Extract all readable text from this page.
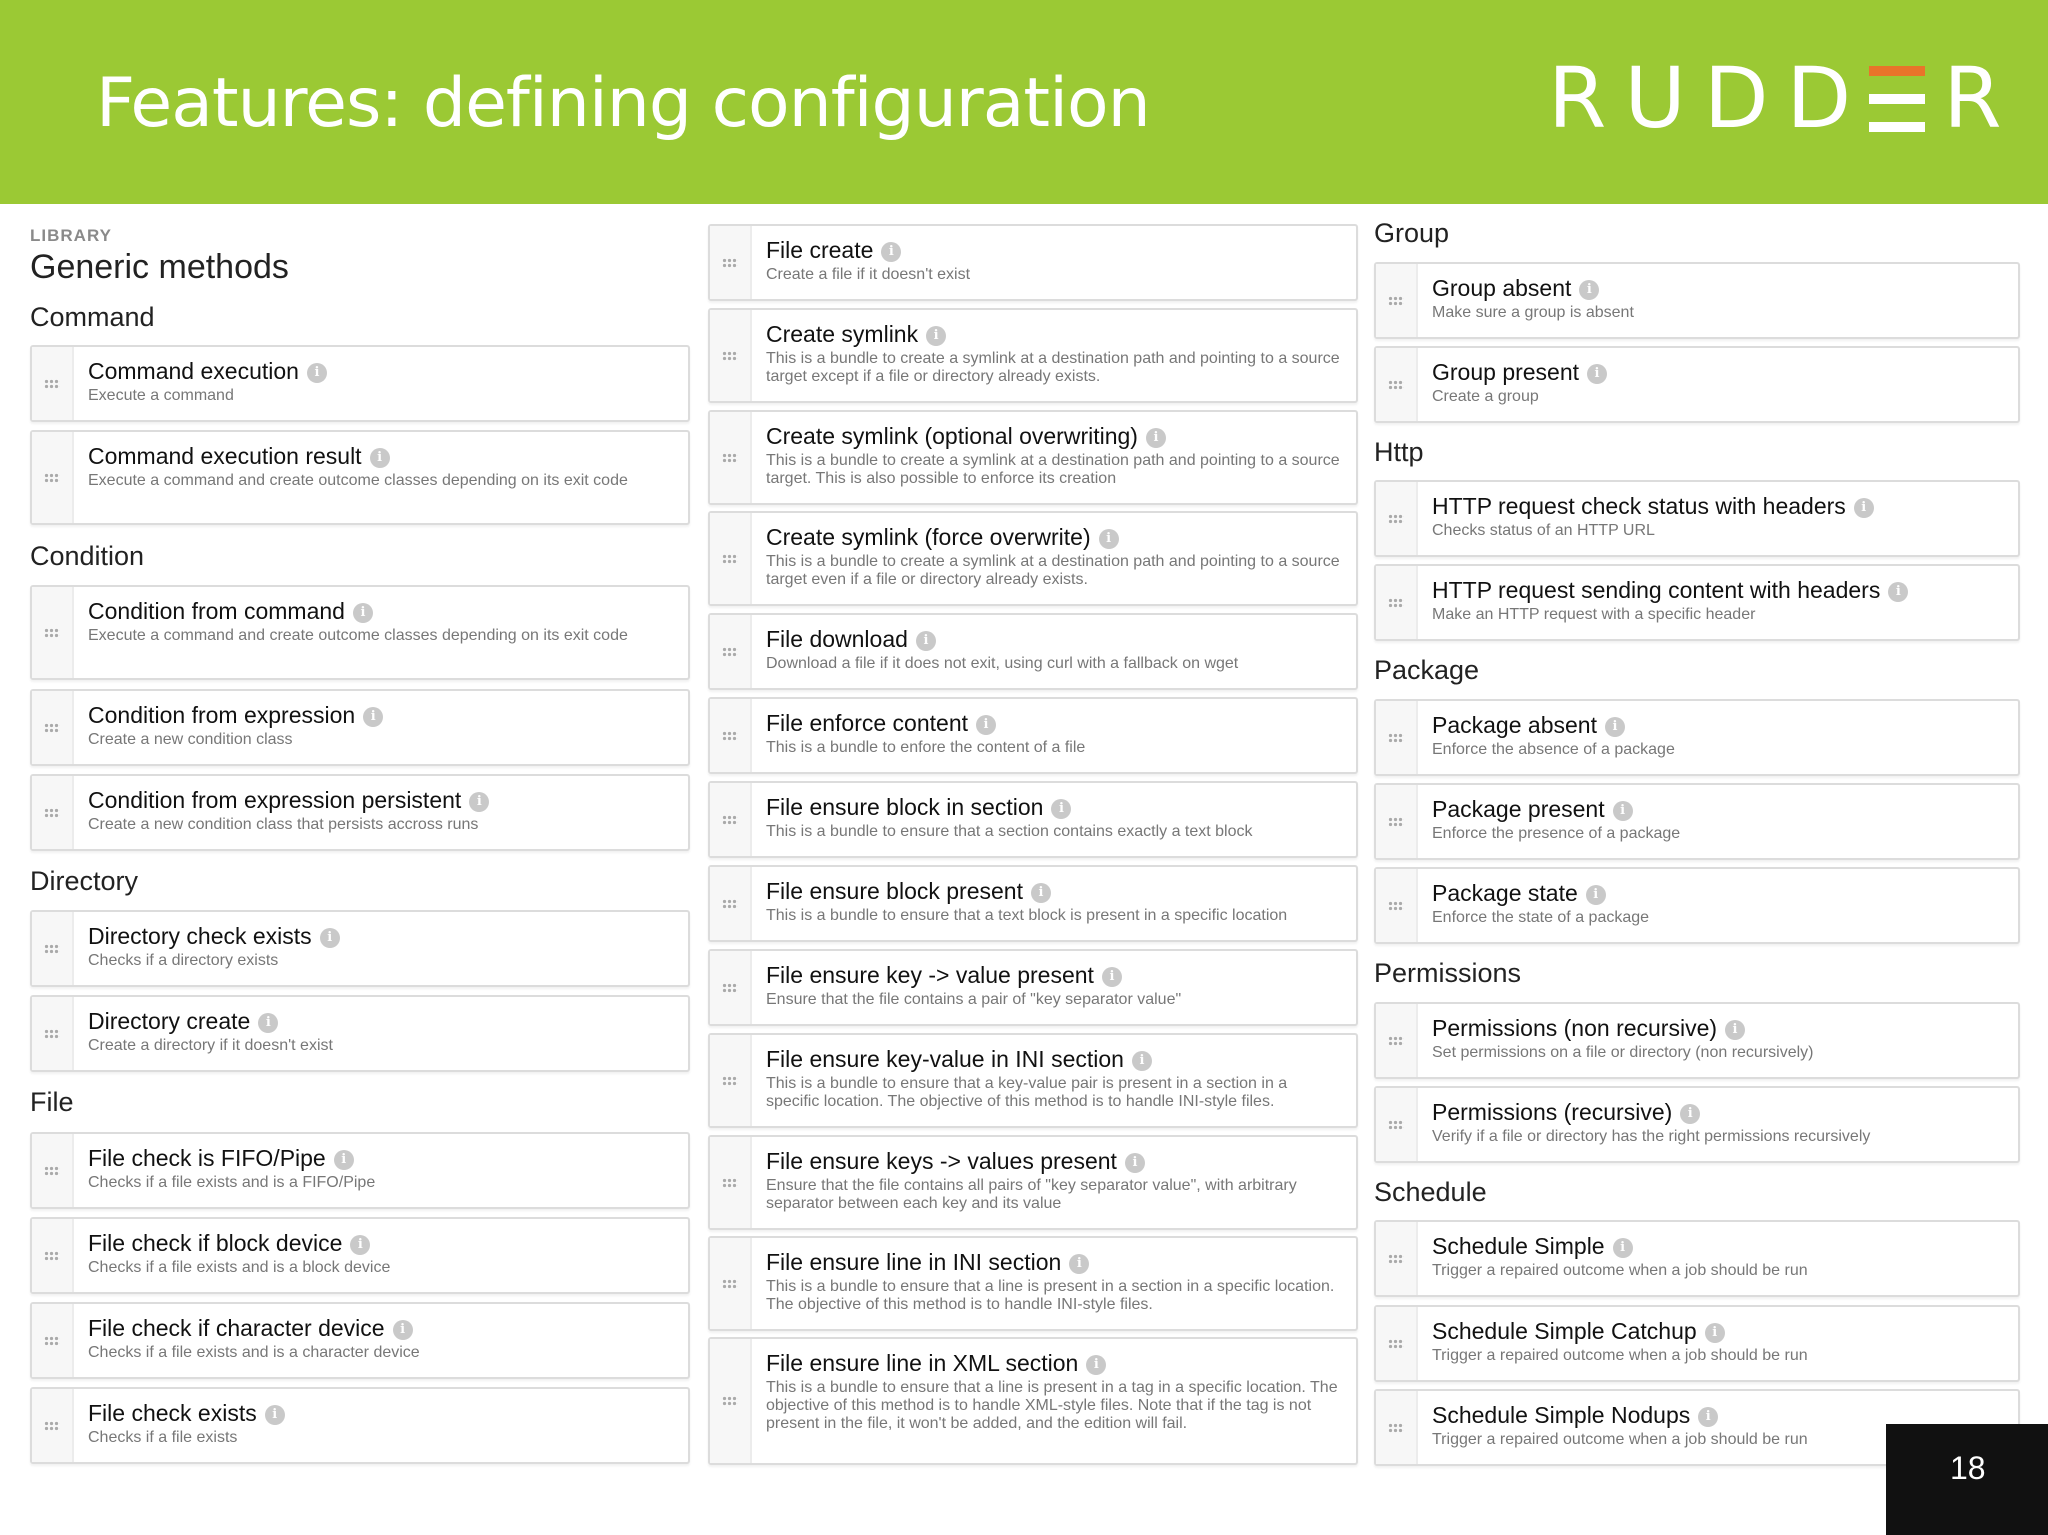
Features: defining configuration	RUDD R
LIBRARY
Generic methods
Command
Command execution i
Execute a command
Command execution result i
Execute a command and create outcome classes depending on its exit code
Condition
Condition from command i
Execute a command and create outcome classes depending on its exit code
Condition from expression i
Create a new condition class
Condition from expression persistent i
Create a new condition class that persists accross runs
Directory
Directory check exists i
Checks if a directory exists
Directory create i
Create a directory if it doesn't exist
File
File check is FIFO/Pipe i
Checks if a file exists and is a FIFO/Pipe
File check if block device i
Checks if a file exists and is a block device
File check if character device i
Checks if a file exists and is a character device
File check exists i
Checks if a file exists
File create i
Create a file if it doesn't exist
Create symlink i
This is a bundle to create a symlink at a destination path and pointing to a source target except if a file or directory already exists.
Create symlink (optional overwriting) i
This is a bundle to create a symlink at a destination path and pointing to a source target. This is also possible to enforce its creation
Create symlink (force overwrite) i
This is a bundle to create a symlink at a destination path and pointing to a source target even if a file or directory already exists.
File download i
Download a file if it does not exit, using curl with a fallback on wget
File enforce content i
This is a bundle to enfore the content of a file
File ensure block in section i
This is a bundle to ensure that a section contains exactly a text block
File ensure block present i
This is a bundle to ensure that a text block is present in a specific location
File ensure key -> value present i
Ensure that the file contains a pair of "key separator value"
File ensure key-value in INI section i
This is a bundle to ensure that a key-value pair is present in a section in a specific location. The objective of this method is to handle INI-style files.
File ensure keys -> values present i
Ensure that the file contains all pairs of "key separator value", with arbitrary separator between each key and its value
File ensure line in INI section i
This is a bundle to ensure that a line is present in a section in a specific location. The objective of this method is to handle INI-style files.
File ensure line in XML section i
This is a bundle to ensure that a line is present in a tag in a specific location. The objective of this method is to handle XML-style files. Note that if the tag is not present in the file, it won't be added, and the edition will fail.
Group
Group absent i
Make sure a group is absent
Group present i
Create a group
Http
HTTP request check status with headers i
Checks status of an HTTP URL
HTTP request sending content with headers i
Make an HTTP request with a specific header
Package
Package absent i
Enforce the absence of a package
Package present i
Enforce the presence of a package
Package state i
Enforce the state of a package
Permissions
Permissions (non recursive) i
Set permissions on a file or directory (non recursively)
Permissions (recursive) i
Verify if a file or directory has the right permissions recursively
Schedule
Schedule Simple i
Trigger a repaired outcome when a job should be run
Schedule Simple Catchup i
Trigger a repaired outcome when a job should be run
Schedule Simple Nodups i
Trigger a repaired outcome when a job should be run
18
